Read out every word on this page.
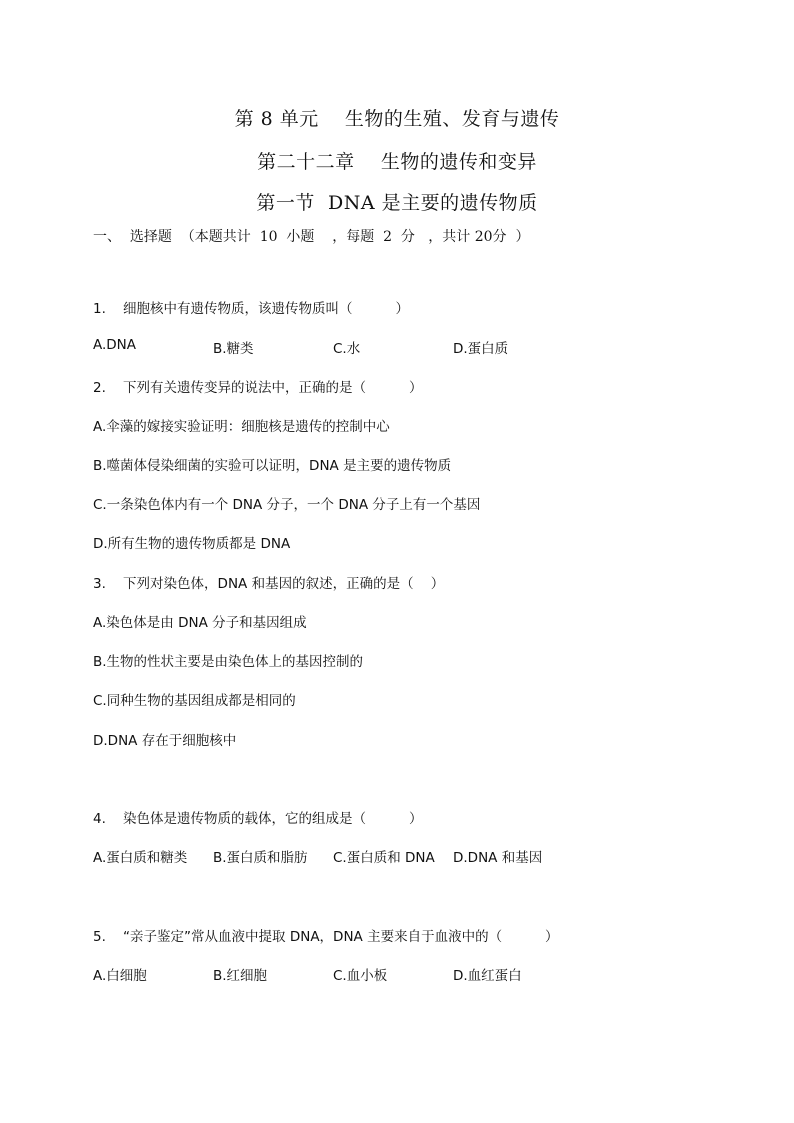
第 8 单元    生物的生殖、发育与遗传
第二十二章    生物的遗传和变异
第一节  DNA 是主要的遗传物质
一、  选择题  （本题共计  10  小题    ，每题  2  分   ，共计 20分  ）
1.    细胞核中有遗传物质，该遗传物质叫（          ）
A.DNA	B.糖类	C.水	D.蛋白质
2.    下列有关遗传变异的说法中，正确的是（          ）
A.伞藻的嫁接实验证明：细胞核是遗传的控制中心
B.噬菌体侵染细菌的实验可以证明，DNA 是主要的遗传物质
C.一条染色体内有一个 DNA 分子，一个 DNA 分子上有一个基因
D.所有生物的遗传物质都是 DNA
3.    下列对染色体，DNA 和基因的叙述，正确的是（    ）
A.染色体是由 DNA 分子和基因组成
B.生物的性状主要是由染色体上的基因控制的
C.同种生物的基因组成都是相同的
D.DNA 存在于细胞核中
4.    染色体是遗传物质的载体，它的组成是（          ）
A.蛋白质和糖类 B.蛋白质和脂肪 C.蛋白质和 DNA D.DNA 和基因
5.    “亲子鉴定”常从血液中提取 DNA，DNA 主要来自于血液中的（          ）
A.白细胞	B.红细胞	C.血小板	D.血红蛋白
